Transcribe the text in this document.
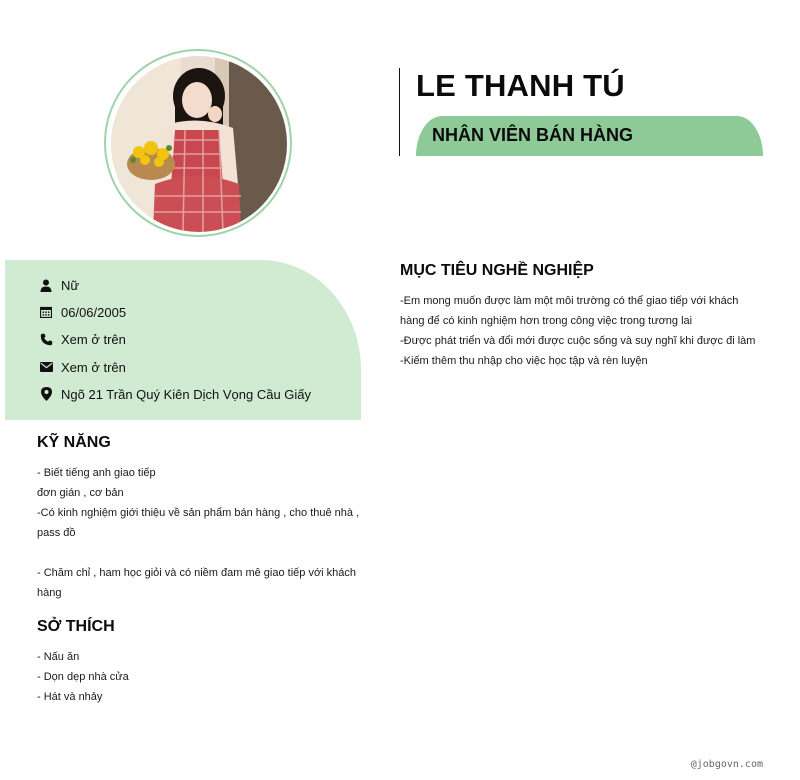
LE THANH TÚ
NHÂN VIÊN BÁN HÀNG
Nữ
06/06/2005
Xem ở trên
Xem ở trên
Ngõ 21 Trần Quý Kiên Dịch Vọng Cầu Giấy
KỸ NĂNG
- Biết tiếng anh giao tiếp
đơn gián , cơ bản
-Có kinh nghiệm giới thiệu về sản phẩm bán hàng , cho thuê nhà ,
pass đồ

- Chăm chỉ , ham học giỏi và có niềm đam mê giao tiếp với khách
hàng
SỞ THÍCH
- Nấu ăn
- Dọn dẹp nhà cửa
- Hát và nhảy
MỤC TIÊU NGHỀ NGHIỆP
-Em mong muốn được làm một môi trường có thể giao tiếp với khách
hàng để có kinh nghiệm hơn trong công việc trong tương lai
-Được phát triển và đổi mới được cuộc sống và suy nghĩ khi được đi làm
-Kiếm thêm thu nhập cho việc học tập và rèn luyện
@jobgovn.com
